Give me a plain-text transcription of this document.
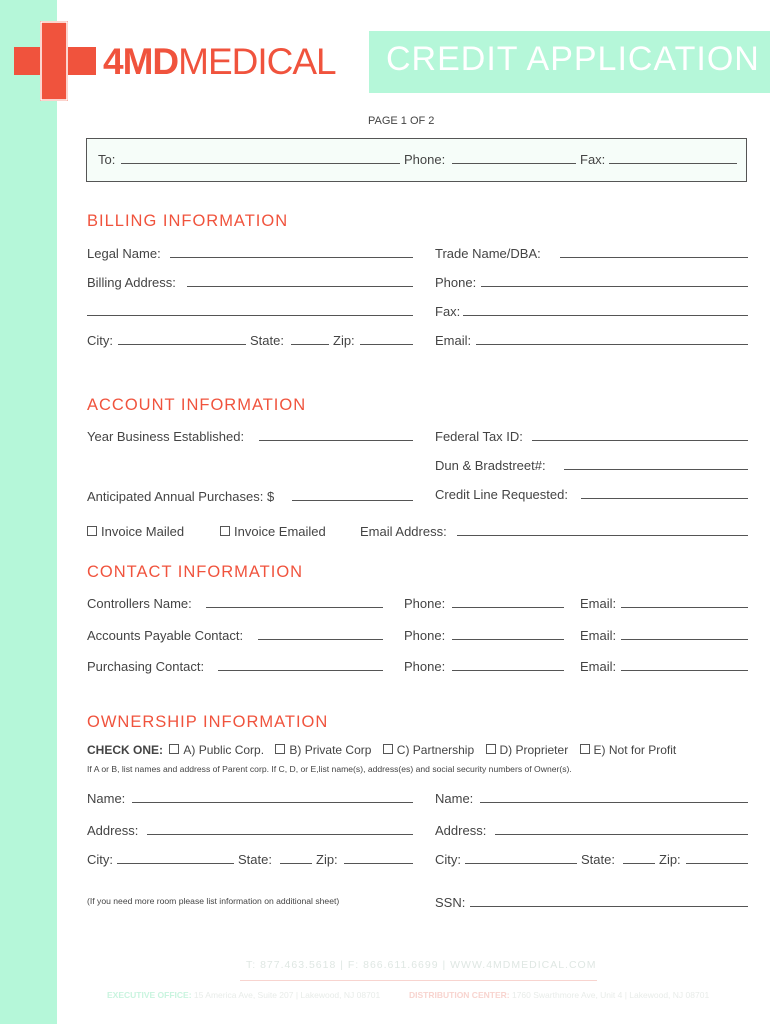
4MDMEDICAL CREDIT APPLICATION
PAGE 1 OF 2
To:	Phone:	Fax:
BILLING INFORMATION
Legal Name:	Trade Name/DBA:
Billing Address:	Phone:
Fax:
City:	State:	Zip:	Email:
ACCOUNT INFORMATION
Year Business Established:	Federal Tax ID:
Dun & Bradstreet#:
Anticipated Annual Purchases: $	Credit Line Requested:
Invoice Mailed	Invoice Emailed	Email Address:
CONTACT INFORMATION
Controllers Name:	Phone:	Email:
Accounts Payable Contact:	Phone:	Email:
Purchasing Contact:	Phone:	Email:
OWNERSHIP INFORMATION
CHECK ONE: A) Public Corp. B) Private Corp C) Partnership D) Proprieter E) Not for Profit
If A or B, list names and address of Parent corp. If C, D, or E,list name(s), address(es) and social security numbers of Owner(s).
Name:	Name:
Address:	Address:
City:	State:	Zip:	City:	State:	Zip:
(If you need more room please list information on additional sheet)	SSN:
T: 877.463.5618 | F: 866.611.6699 | WWW.4MDMEDICAL.COM
EXECUTIVE OFFICE: 15 America Ave, Suite 207 | Lakewood, NJ 08701	DISTRIBUTION CENTER: 1760 Swarthmore Ave, Unit 4 | Lakewood, NJ 08701
